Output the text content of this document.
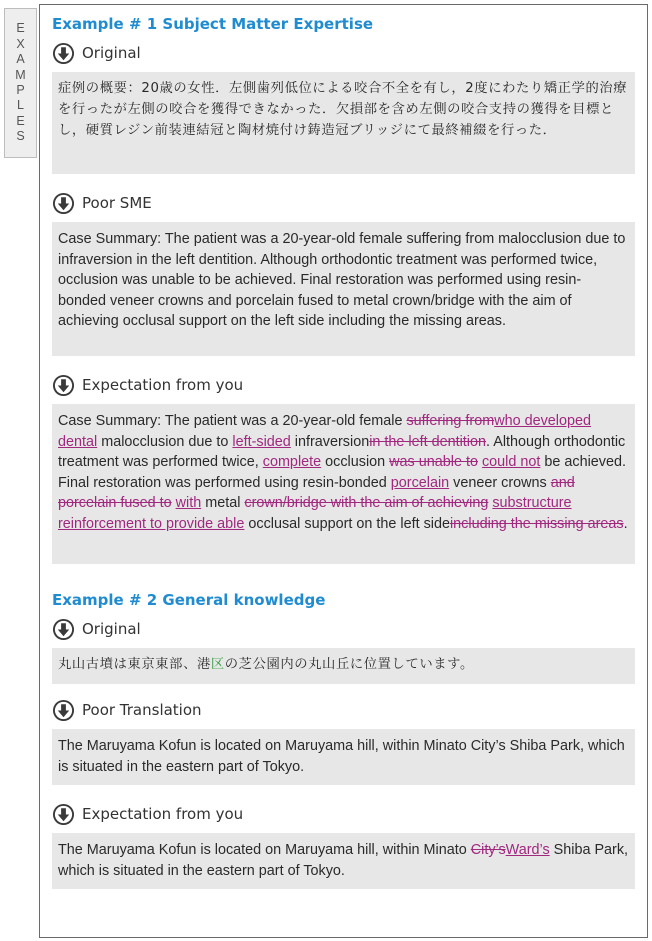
E
X
A
M
P
L
E
S
Example # 1 Subject Matter Expertise
Original
症例の概要：20歳の女性．左側歯列低位による咬合不全を有し，2度にわたり矯正学的治療を行ったが左側の咬合を獲得できなかった．欠損部を含め左側の咬合支持の獲得を目標とし，硬質レジン前装連結冠と陶材焼付け鋳造冠ブリッジにて最終補綴を行った．
Poor SME
Case Summary: The patient was a 20-year-old female suffering from malocclusion due to infraversion in the left dentition. Although orthodontic treatment was performed twice, occlusion was unable to be achieved. Final restoration was performed using resin-bonded veneer crowns and porcelain fused to metal crown/bridge with the aim of achieving occlusal support on the left side including the missing areas.
Expectation from you
Case Summary: The patient was a 20-year-old female suffering fromwho developed dental malocclusion due to left-sided infraversionin the left dentition. Although orthodontic treatment was performed twice, complete occlusion was unable to could not be achieved. Final restoration was performed using resin-bonded porcelain veneer crowns and porcelain fused to with metal crown/bridge with the aim of achieving substructure reinforcement to provide able occlusal support on the left sideincluding the missing areas.
Example # 2 General knowledge
Original
丸山古墳は東京東部、港区の芝公園内の丸山丘に位置しています。
Poor Translation
The Maruyama Kofun is located on Maruyama hill, within Minato City’s Shiba Park, which is situated in the eastern part of Tokyo.
Expectation from you
The Maruyama Kofun is located on Maruyama hill, within Minato City’sWard’s Shiba Park, which is situated in the eastern part of Tokyo.
